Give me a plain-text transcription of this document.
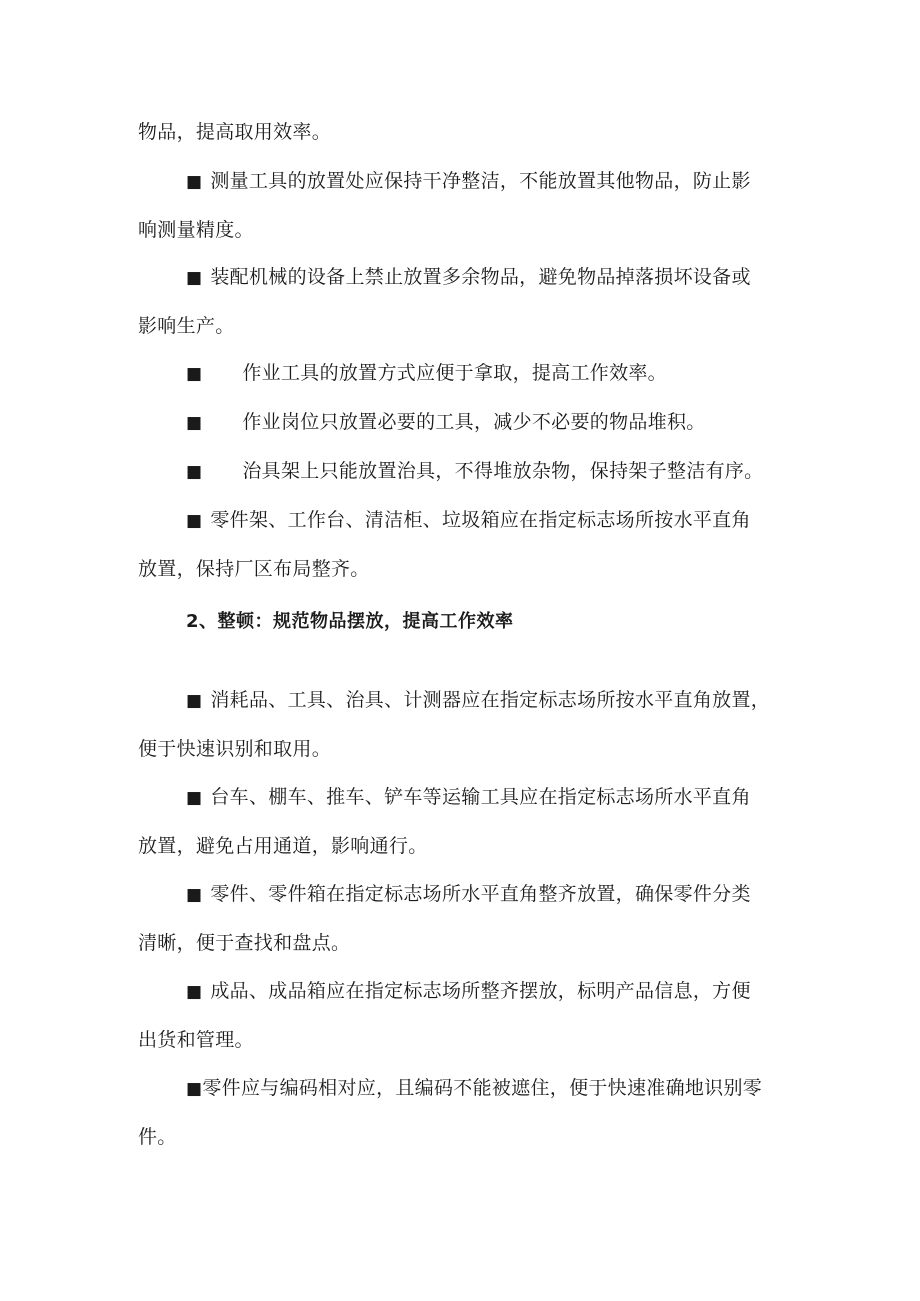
物品，提高取用效率。
■ 测量工具的放置处应保持干净整洁，不能放置其他物品，防止影
响测量精度。
■ 装配机械的设备上禁止放置多余物品，避免物品掉落损坏设备或
影响生产。
■ 作业工具的放置方式应便于拿取，提高工作效率。
■ 作业岗位只放置必要的工具，减少不必要的物品堆积。
■ 治具架上只能放置治具，不得堆放杂物，保持架子整洁有序。
■ 零件架、工作台、清洁柜、垃圾箱应在指定标志场所按水平直角
放置，保持厂区布局整齐。
2、整顿：规范物品摆放，提高工作效率
■ 消耗品、工具、治具、计测器应在指定标志场所按水平直角放置，
便于快速识别和取用。
■ 台车、棚车、推车、铲车等运输工具应在指定标志场所水平直角
放置，避免占用通道，影响通行。
■ 零件、零件箱在指定标志场所水平直角整齐放置，确保零件分类
清晰，便于查找和盘点。
■ 成品、成品箱应在指定标志场所整齐摆放，标明产品信息，方便
出货和管理。
■零件应与编码相对应，且编码不能被遮住，便于快速准确地识别零
件。
